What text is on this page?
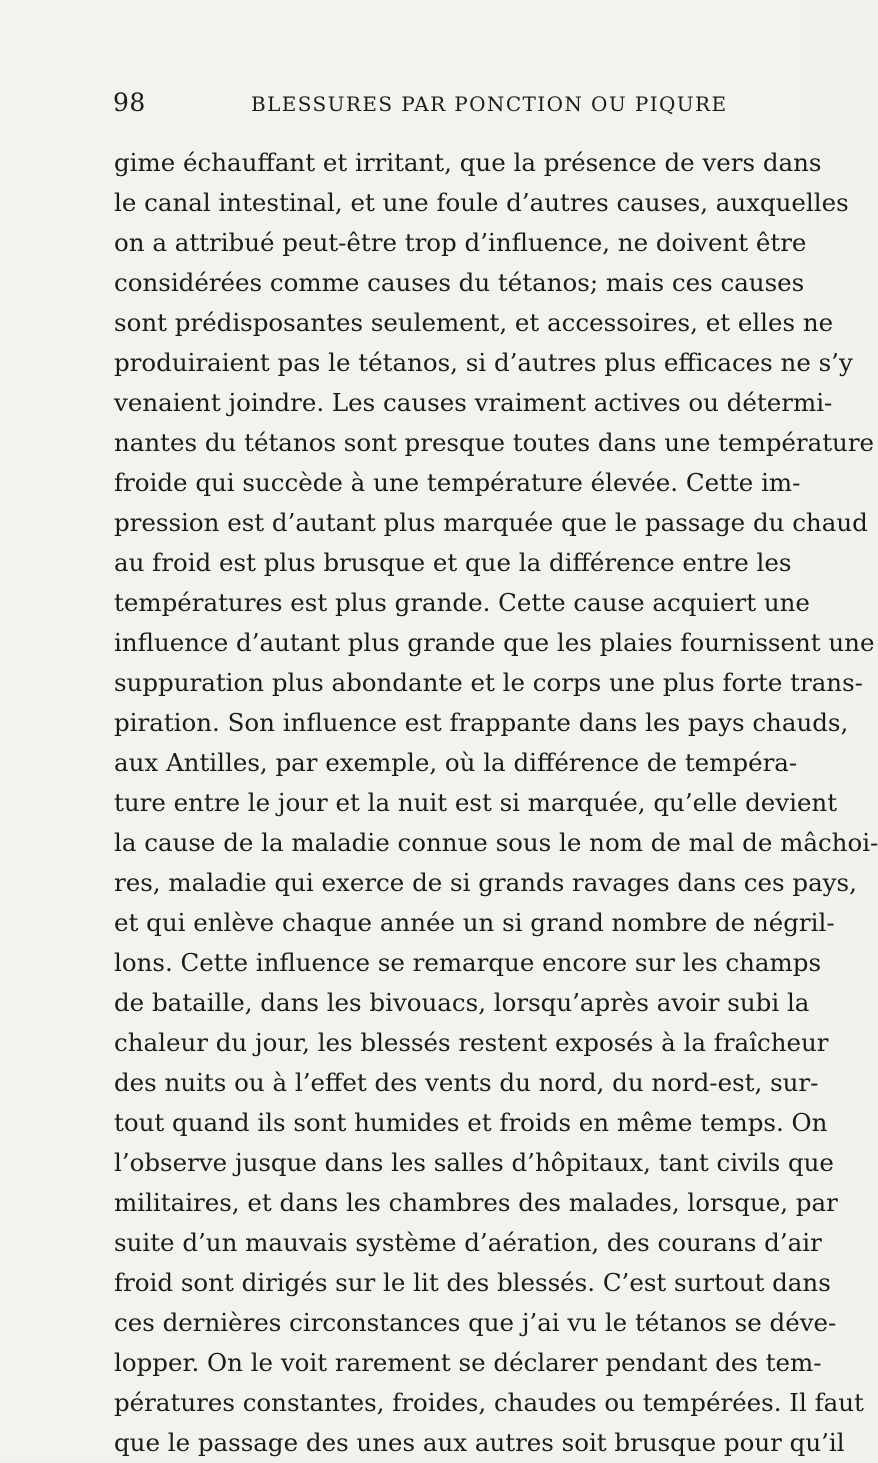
98	BLESSURES PAR PONCTION OU PIQURE
gime échauffant et irritant, que la présence de vers dans
le canal intestinal, et une foule d’autres causes, auxquelles
on a attribué peut-être trop d’influence, ne doivent être
considérées comme causes du tétanos; mais ces causes
sont prédisposantes seulement, et accessoires, et elles ne
produiraient pas le tétanos, si d’autres plus efficaces ne s’y
venaient joindre. Les causes vraiment actives ou détermi-
nantes du tétanos sont presque toutes dans une température
froide qui succède à une température élevée. Cette im-
pression est d’autant plus marquée que le passage du chaud
au froid est plus brusque et que la différence entre les
températures est plus grande. Cette cause acquiert une
influence d’autant plus grande que les plaies fournissent une
suppuration plus abondante et le corps une plus forte trans-
piration. Son influence est frappante dans les pays chauds,
aux Antilles, par exemple, où la différence de tempéra-
ture entre le jour et la nuit est si marquée, qu’elle devient
la cause de la maladie connue sous le nom de mal de mâchoi-
res, maladie qui exerce de si grands ravages dans ces pays,
et qui enlève chaque année un si grand nombre de négril-
lons. Cette influence se remarque encore sur les champs
de bataille, dans les bivouacs, lorsqu’après avoir subi la
chaleur du jour, les blessés restent exposés à la fraîcheur
des nuits ou à l’effet des vents du nord, du nord-est, sur-
tout quand ils sont humides et froids en même temps. On
l’observe jusque dans les salles d’hôpitaux, tant civils que
militaires, et dans les chambres des malades, lorsque, par
suite d’un mauvais système d’aération, des courans d’air
froid sont dirigés sur le lit des blessés. C’est surtout dans
ces dernières circonstances que j’ai vu le tétanos se déve-
lopper. On le voit rarement se déclarer pendant des tem-
pératures constantes, froides, chaudes ou tempérées. Il faut
que le passage des unes aux autres soit brusque pour qu’il
